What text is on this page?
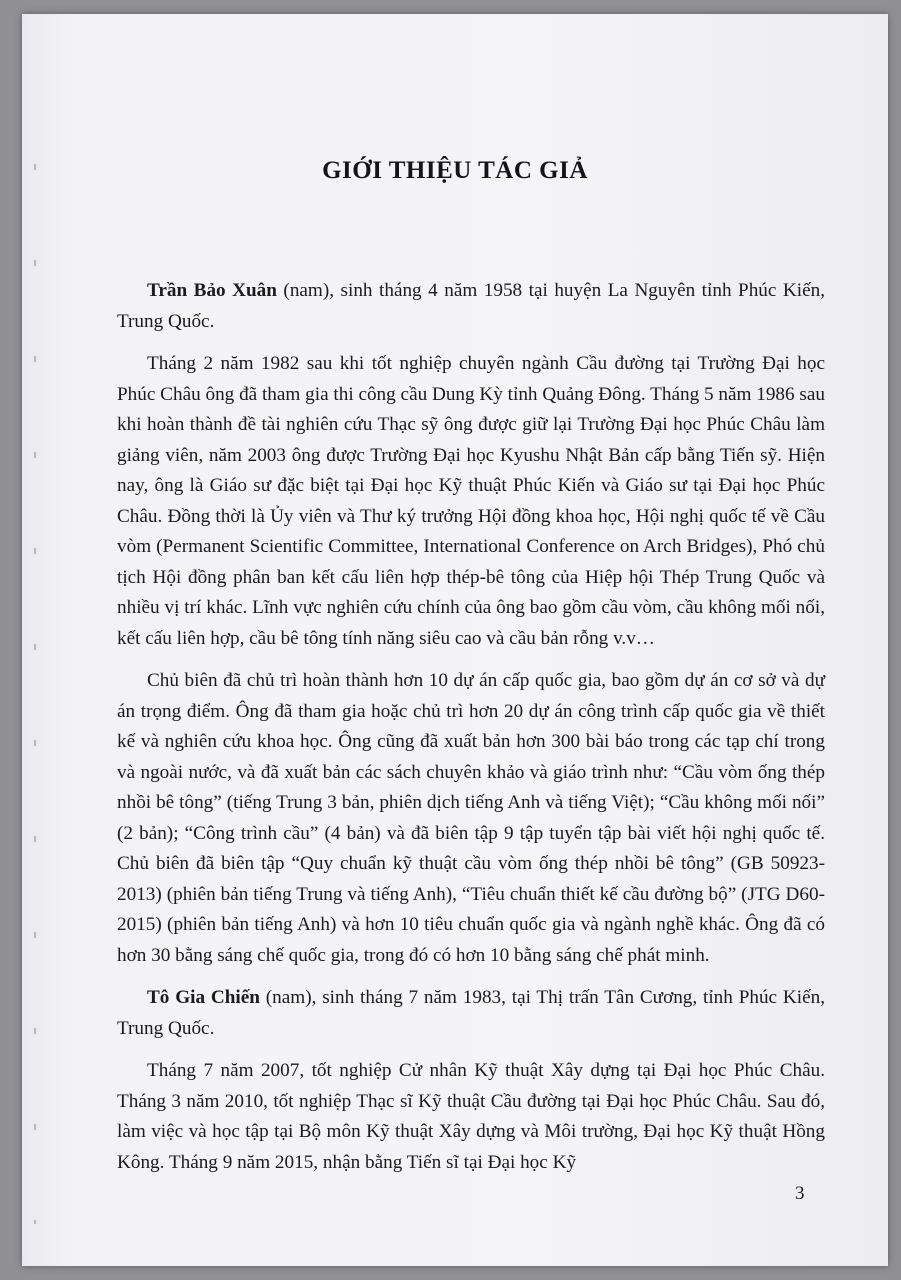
GIỚI THIỆU TÁC GIẢ

Trần Bảo Xuân (nam), sinh tháng 4 năm 1958 tại huyện La Nguyên tỉnh Phúc Kiến, Trung Quốc.

Tháng 2 năm 1982 sau khi tốt nghiệp chuyên ngành Cầu đường tại Trường Đại học Phúc Châu ông đã tham gia thi công cầu Dung Kỳ tỉnh Quảng Đông. Tháng 5 năm 1986 sau khi hoàn thành đề tài nghiên cứu Thạc sỹ ông được giữ lại Trường Đại học Phúc Châu làm giảng viên, năm 2003 ông được Trường Đại học Kyushu Nhật Bản cấp bằng Tiến sỹ. Hiện nay, ông là Giáo sư đặc biệt tại Đại học Kỹ thuật Phúc Kiến và Giáo sư tại Đại học Phúc Châu. Đồng thời là Ủy viên và Thư ký trưởng Hội đồng khoa học, Hội nghị quốc tế về Cầu vòm (Permanent Scientific Committee, International Conference on Arch Bridges), Phó chủ tịch Hội đồng phân ban kết cấu liên hợp thép-bê tông của Hiệp hội Thép Trung Quốc và nhiều vị trí khác. Lĩnh vực nghiên cứu chính của ông bao gồm cầu vòm, cầu không mối nối, kết cấu liên hợp, cầu bê tông tính năng siêu cao và cầu bản rỗng v.v…

Chủ biên đã chủ trì hoàn thành hơn 10 dự án cấp quốc gia, bao gồm dự án cơ sở và dự án trọng điểm. Ông đã tham gia hoặc chủ trì hơn 20 dự án công trình cấp quốc gia về thiết kế và nghiên cứu khoa học. Ông cũng đã xuất bản hơn 300 bài báo trong các tạp chí trong và ngoài nước, và đã xuất bản các sách chuyên khảo và giáo trình như: “Cầu vòm ống thép nhồi bê tông” (tiếng Trung 3 bản, phiên dịch tiếng Anh và tiếng Việt); “Cầu không mối nối” (2 bản); “Công trình cầu” (4 bản) và đã biên tập 9 tập tuyển tập bài viết hội nghị quốc tế. Chủ biên đã biên tập “Quy chuẩn kỹ thuật cầu vòm ống thép nhồi bê tông” (GB 50923-2013) (phiên bản tiếng Trung và tiếng Anh), “Tiêu chuẩn thiết kế cầu đường bộ” (JTG D60-2015) (phiên bản tiếng Anh) và hơn 10 tiêu chuẩn quốc gia và ngành nghề khác. Ông đã có hơn 30 bằng sáng chế quốc gia, trong đó có hơn 10 bằng sáng chế phát minh.

Tô Gia Chiến (nam), sinh tháng 7 năm 1983, tại Thị trấn Tân Cương, tỉnh Phúc Kiến, Trung Quốc.

Tháng 7 năm 2007, tốt nghiệp Cử nhân Kỹ thuật Xây dựng tại Đại học Phúc Châu. Tháng 3 năm 2010, tốt nghiệp Thạc sĩ Kỹ thuật Cầu đường tại Đại học Phúc Châu. Sau đó, làm việc và học tập tại Bộ môn Kỹ thuật Xây dựng và Môi trường, Đại học Kỹ thuật Hồng Kông. Tháng 9 năm 2015, nhận bằng Tiến sĩ tại Đại học Kỹ

3
